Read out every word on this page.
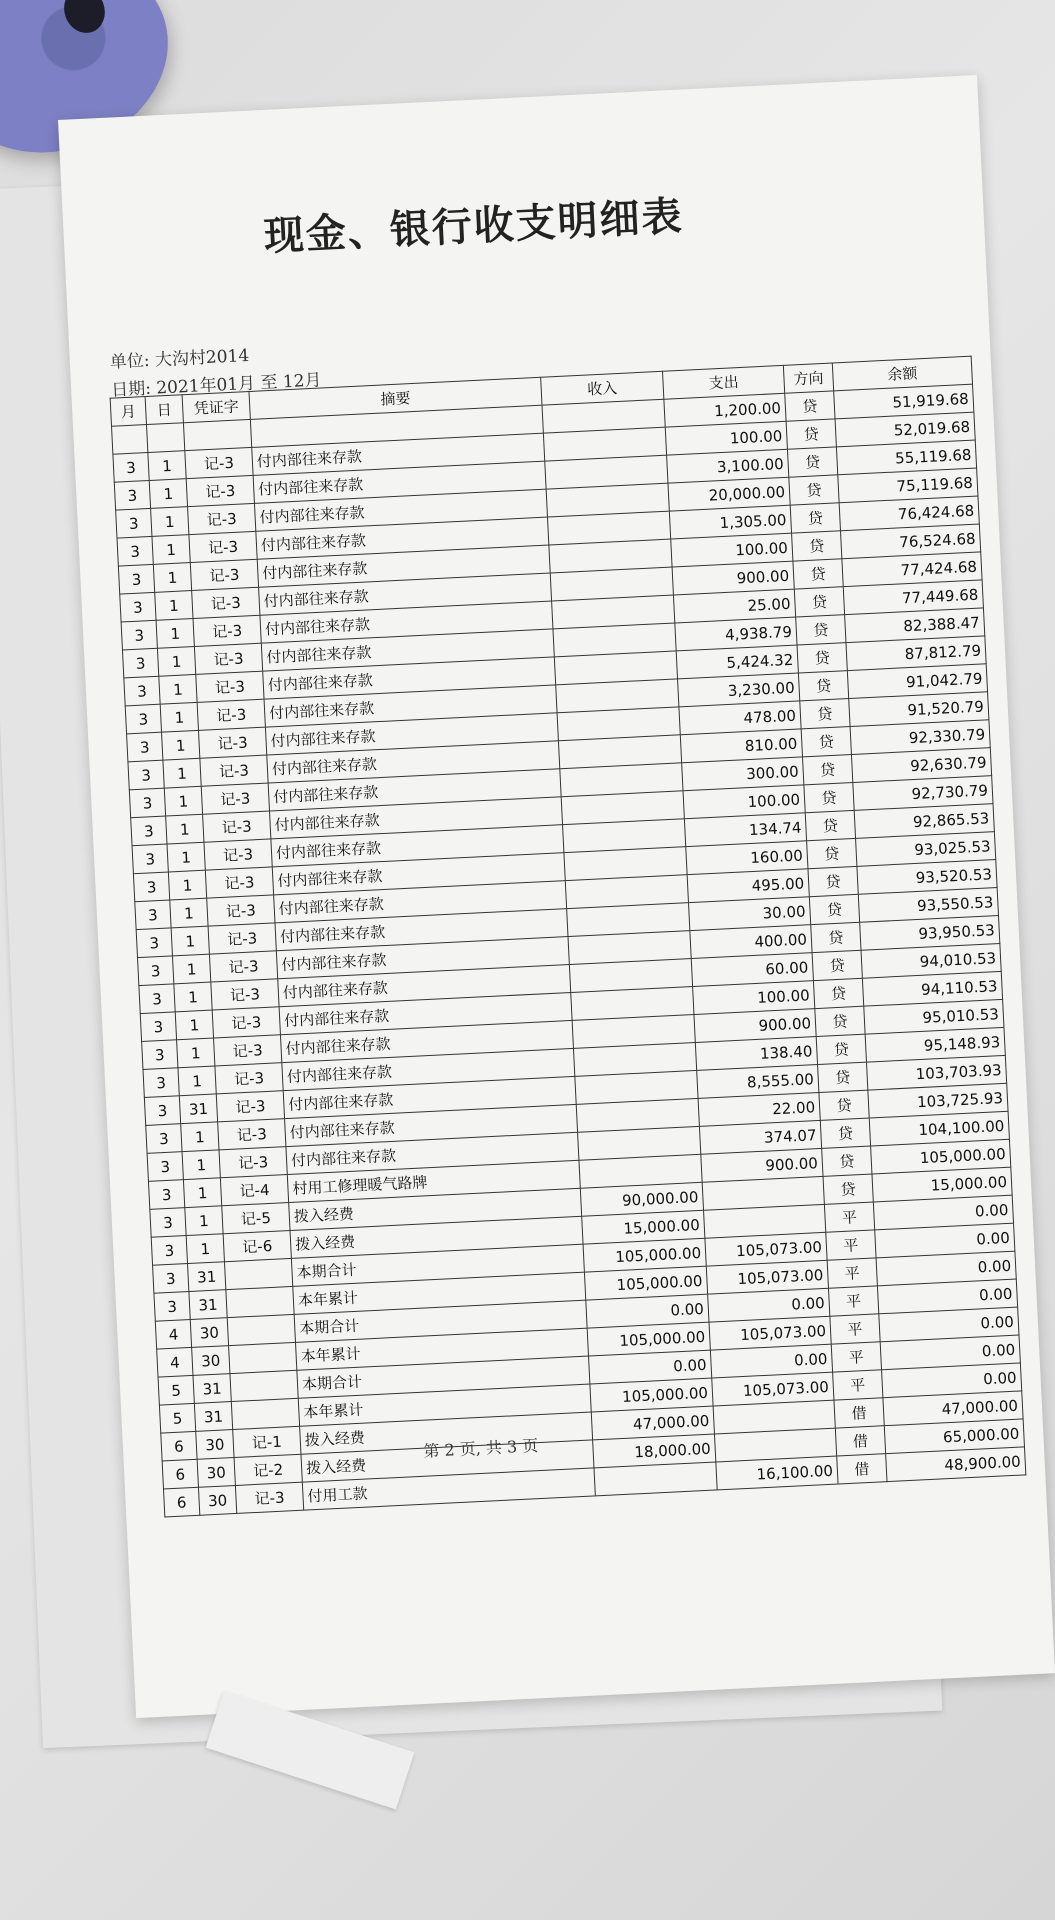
现金、银行收支明细表
单位: 大沟村2014
日期: 2021年01月 至 12月
月	日	凭证字	摘要	收入	支出	方向	余额
					1,200.00	贷	51,919.68
3	1	记-3	付内部往来存款		100.00	贷	52,019.68
3	1	记-3	付内部往来存款		3,100.00	贷	55,119.68
3	1	记-3	付内部往来存款		20,000.00	贷	75,119.68
3	1	记-3	付内部往来存款		1,305.00	贷	76,424.68
3	1	记-3	付内部往来存款		100.00	贷	76,524.68
3	1	记-3	付内部往来存款		900.00	贷	77,424.68
3	1	记-3	付内部往来存款		25.00	贷	77,449.68
3	1	记-3	付内部往来存款		4,938.79	贷	82,388.47
3	1	记-3	付内部往来存款		5,424.32	贷	87,812.79
3	1	记-3	付内部往来存款		3,230.00	贷	91,042.79
3	1	记-3	付内部往来存款		478.00	贷	91,520.79
3	1	记-3	付内部往来存款		810.00	贷	92,330.79
3	1	记-3	付内部往来存款		300.00	贷	92,630.79
3	1	记-3	付内部往来存款		100.00	贷	92,730.79
3	1	记-3	付内部往来存款		134.74	贷	92,865.53
3	1	记-3	付内部往来存款		160.00	贷	93,025.53
3	1	记-3	付内部往来存款		495.00	贷	93,520.53
3	1	记-3	付内部往来存款		30.00	贷	93,550.53
3	1	记-3	付内部往来存款		400.00	贷	93,950.53
3	1	记-3	付内部往来存款		60.00	贷	94,010.53
3	1	记-3	付内部往来存款		100.00	贷	94,110.53
3	1	记-3	付内部往来存款		900.00	贷	95,010.53
3	1	记-3	付内部往来存款		138.40	贷	95,148.93
3	31	记-3	付内部往来存款		8,555.00	贷	103,703.93
3	1	记-3	付内部往来存款		22.00	贷	103,725.93
3	1	记-3	付内部往来存款		374.07	贷	104,100.00
3	1	记-4	村用工修理暖气路牌		900.00	贷	105,000.00
3	1	记-5	拨入经费	90,000.00		贷	15,000.00
3	1	记-6	拨入经费	15,000.00		平	0.00
3	31		本期合计	105,000.00	105,073.00	平	0.00
3	31		本年累计	105,000.00	105,073.00	平	0.00
4	30		本期合计	0.00	0.00	平	0.00
4	30		本年累计	105,000.00	105,073.00	平	0.00
5	31		本期合计	0.00	0.00	平	0.00
5	31		本年累计	105,000.00	105,073.00	平	0.00
6	30	记-1	拨入经费	47,000.00		借	47,000.00
6	30	记-2	拨入经费	18,000.00		借	65,000.00
6	30	记-3	付用工款		16,100.00	借	48,900.00
第 2 页, 共 3 页
